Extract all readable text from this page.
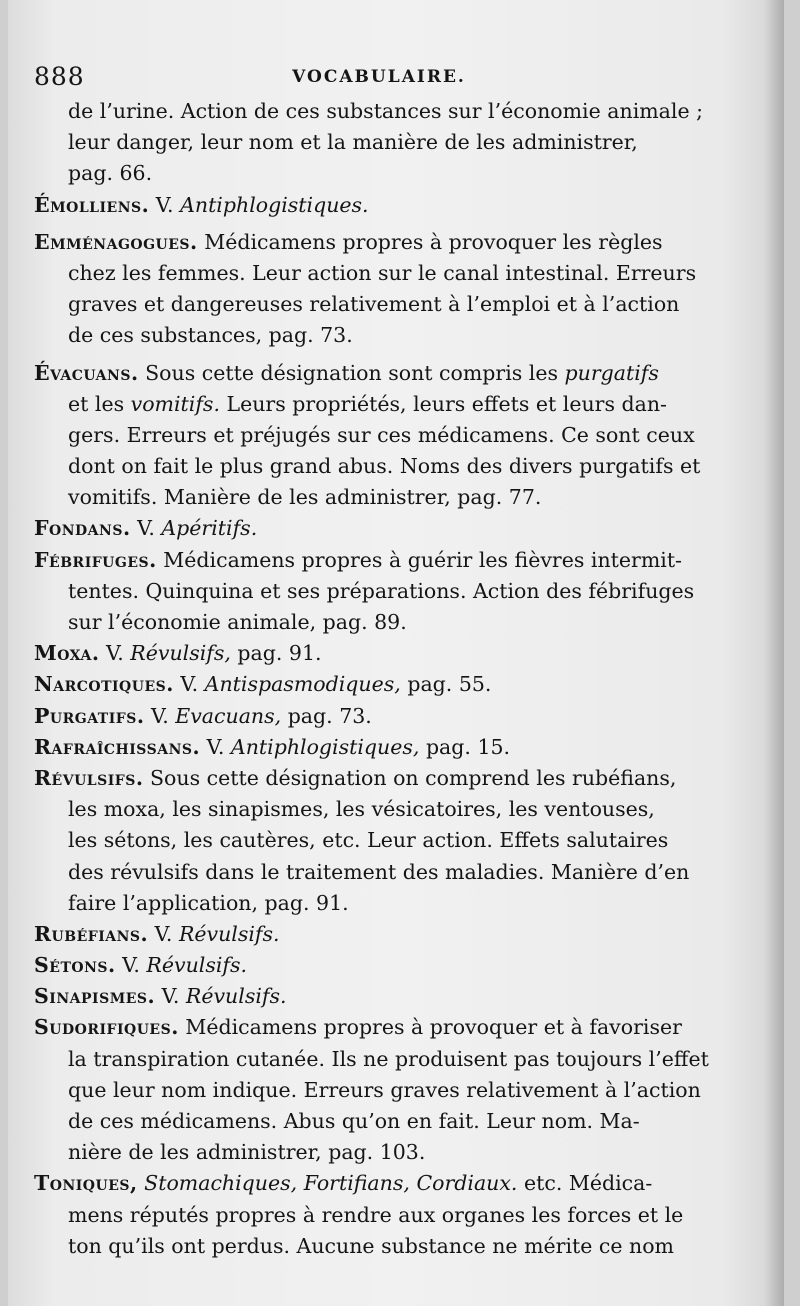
888	VOCABULAIRE.
de l’urine. Action de ces substances sur l’économie animale ;
leur danger, leur nom et la manière de les administrer,
pag. 66.
Émolliens. V. Antiphlogistiques.
Emménagogues. Médicamens propres à provoquer les règles
chez les femmes. Leur action sur le canal intestinal. Erreurs
graves et dangereuses relativement à l’emploi et à l’action
de ces substances, pag. 73.
Évacuans. Sous cette désignation sont compris les purgatifs
et les vomitifs. Leurs propriétés, leurs effets et leurs dan-
gers. Erreurs et préjugés sur ces médicamens. Ce sont ceux
dont on fait le plus grand abus. Noms des divers purgatifs et
vomitifs. Manière de les administrer, pag. 77.
Fondans. V. Apéritifs.
Fébrifuges. Médicamens propres à guérir les fièvres intermit-
tentes. Quinquina et ses préparations. Action des fébrifuges
sur l’économie animale, pag. 89.
Moxa. V. Révulsifs, pag. 91.
Narcotiques. V. Antispasmodiques, pag. 55.
Purgatifs. V. Evacuans, pag. 73.
Rafraîchissans. V. Antiphlogistiques, pag. 15.
Révulsifs. Sous cette désignation on comprend les rubéfians,
les moxa, les sinapismes, les vésicatoires, les ventouses,
les sétons, les cautères, etc. Leur action. Effets salutaires
des révulsifs dans le traitement des maladies. Manière d’en
faire l’application, pag. 91.
Rubéfians. V. Révulsifs.
Sétons. V. Révulsifs.
Sinapismes. V. Révulsifs.
Sudorifiques. Médicamens propres à provoquer et à favoriser
la transpiration cutanée. Ils ne produisent pas toujours l’effet
que leur nom indique. Erreurs graves relativement à l’action
de ces médicamens. Abus qu’on en fait. Leur nom. Ma-
nière de les administrer, pag. 103.
Toniques, Stomachiques, Fortifians, Cordiaux. etc. Médica-
mens réputés propres à rendre aux organes les forces et le
ton qu’ils ont perdus. Aucune substance ne mérite ce nom
